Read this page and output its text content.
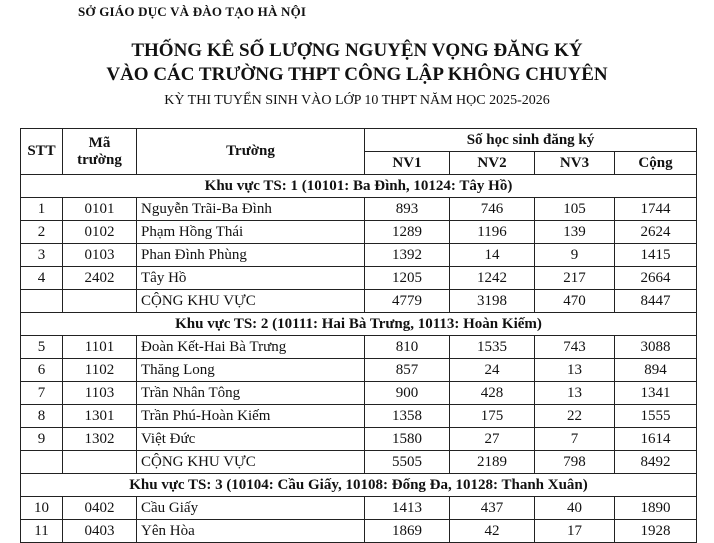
SỞ GIÁO DỤC VÀ ĐÀO TẠO HÀ NỘI
THỐNG KÊ SỐ LƯỢNG NGUYỆN VỌNG ĐĂNG KÝ
VÀO CÁC TRƯỜNG THPT CÔNG LẬP KHÔNG CHUYÊN
KỲ THI TUYỂN SINH VÀO LỚP 10 THPT NĂM HỌC 2025-2026
STT	Mã trường	Trường	Số học sinh đăng ký			
			NV1	NV2	NV3	Cộng
Khu vực TS: 1 (10101: Ba Đình, 10124: Tây Hồ)						
1	0101	Nguyễn Trãi-Ba Đình	893	746	105	1744
2	0102	Phạm Hồng Thái	1289	1196	139	2624
3	0103	Phan Đình Phùng	1392	14	9	1415
4	2402	Tây Hồ	1205	1242	217	2664
		CỘNG KHU VỰC	4779	3198	470	8447
Khu vực TS: 2 (10111: Hai Bà Trưng, 10113: Hoàn Kiếm)						
5	1101	Đoàn Kết-Hai Bà Trưng	810	1535	743	3088
6	1102	Thăng Long	857	24	13	894
7	1103	Trần Nhân Tông	900	428	13	1341
8	1301	Trần Phú-Hoàn Kiếm	1358	175	22	1555
9	1302	Việt Đức	1580	27	7	1614
		CỘNG KHU VỰC	5505	2189	798	8492
Khu vực TS: 3 (10104: Cầu Giấy, 10108: Đống Đa, 10128: Thanh Xuân)						
10	0402	Cầu Giấy	1413	437	40	1890
11	0403	Yên Hòa	1869	42	17	1928
